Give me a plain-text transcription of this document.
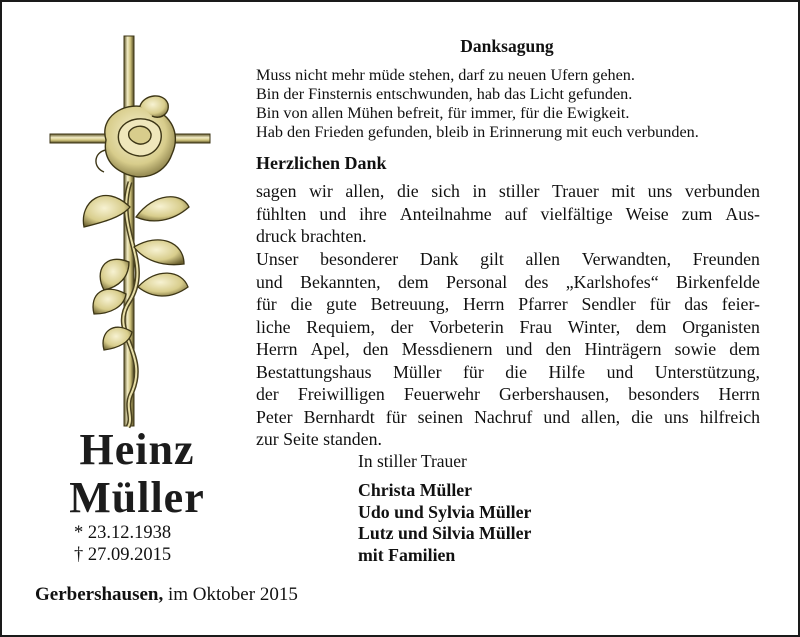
Heinz
Müller
* 23.12.1938
† 27.09.2015
Gerbershausen, im Oktober 2015
Danksagung
Muss nicht mehr müde stehen, darf zu neuen Ufern gehen.
Bin der Finsternis entschwunden, hab das Licht gefunden.
Bin von allen Mühen befreit, für immer, für die Ewigkeit.
Hab den Frieden gefunden, bleib in Erinnerung mit euch verbunden.
Herzlichen Dank
sagen wir allen, die sich in stiller Trauer mit uns verbunden
fühlten und ihre Anteilnahme auf vielfältige Weise zum Aus-
druck brachten.
Unser besonderer Dank gilt allen Verwandten, Freunden
und Bekannten, dem Personal des „Karlshofes“ Birkenfelde
für die gute Betreuung, Herrn Pfarrer Sendler für das feier-
liche Requiem, der Vorbeterin Frau Winter, dem Organisten
Herrn Apel, den Messdienern und den Hinträgern sowie dem
Bestattungshaus Müller für die Hilfe und Unterstützung,
der Freiwilligen Feuerwehr Gerbershausen, besonders Herrn
Peter Bernhardt für seinen Nachruf und allen, die uns hilfreich
zur Seite standen.
In stiller Trauer
Christa Müller
Udo und Sylvia Müller
Lutz und Silvia Müller
mit Familien
